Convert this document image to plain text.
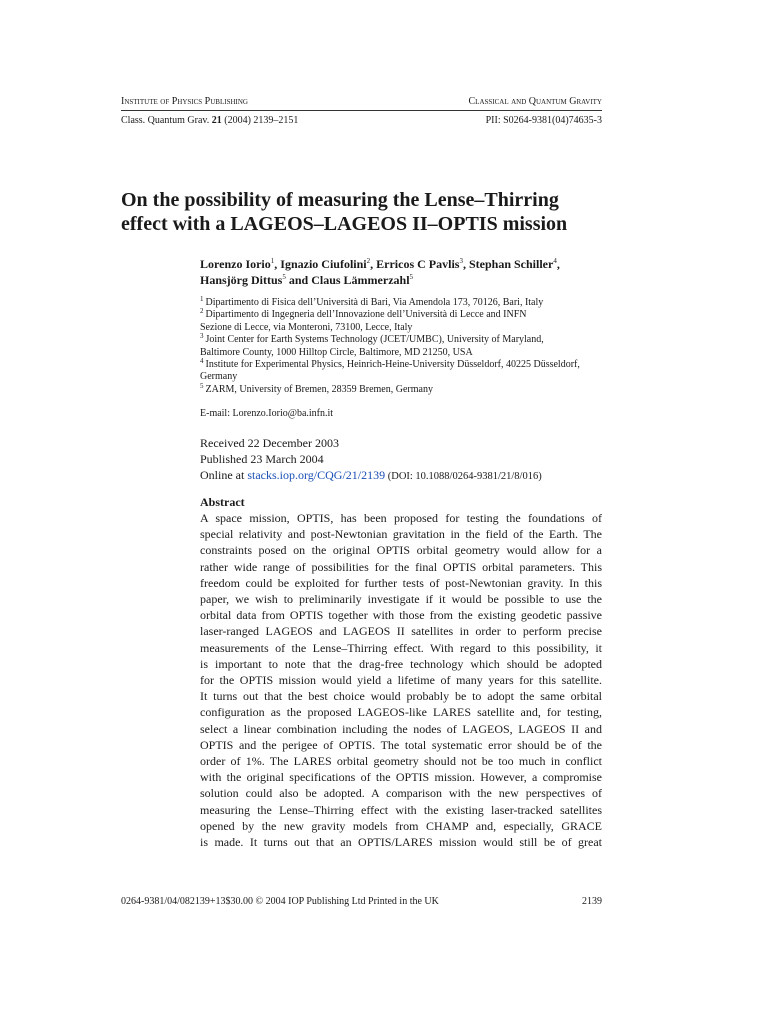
Institute of Physics Publishing	Classical and Quantum Gravity
Class. Quantum Grav. 21 (2004) 2139–2151	PII: S0264-9381(04)74635-3
On the possibility of measuring the Lense–Thirring
effect with a LAGEOS–LAGEOS II–OPTIS mission
Lorenzo Iorio$^1$, Ignazio Ciufolini$^2$, Erricos C Pavlis$^3$, Stephan Schiller$^4$,
Hansjörg Dittus$^5$ and Claus Lämmerzahl$^5$
$^1$ Dipartimento di Fisica dell’Università di Bari, Via Amendola 173, 70126, Bari, Italy
$^2$ Dipartimento di Ingegneria dell’Innovazione dell’Università di Lecce and INFN
Sezione di Lecce, via Monteroni, 73100, Lecce, Italy
$^3$ Joint Center for Earth Systems Technology (JCET/UMBC), University of Maryland,
Baltimore County, 1000 Hilltop Circle, Baltimore, MD 21250, USA
$^4$ Institute for Experimental Physics, Heinrich-Heine-University Düsseldorf, 40225 Düsseldorf,
Germany
$^5$ ZARM, University of Bremen, 28359 Bremen, Germany
E-mail: Lorenzo.Iorio@ba.infn.it
Received 22 December 2003
Published 23 March 2004
Online at stacks.iop.org/CQG/21/2139 (DOI: 10.1088/0264-9381/21/8/016)
Abstract
A space mission, OPTIS, has been proposed for testing the foundations of
special relativity and post-Newtonian gravitation in the field of the Earth. The
constraints posed on the original OPTIS orbital geometry would allow for a
rather wide range of possibilities for the final OPTIS orbital parameters. This
freedom could be exploited for further tests of post-Newtonian gravity. In this
paper, we wish to preliminarily investigate if it would be possible to use the
orbital data from OPTIS together with those from the existing geodetic passive
laser-ranged LAGEOS and LAGEOS II satellites in order to perform precise
measurements of the Lense–Thirring effect. With regard to this possibility, it
is important to note that the drag-free technology which should be adopted
for the OPTIS mission would yield a lifetime of many years for this satellite.
It turns out that the best choice would probably be to adopt the same orbital
configuration as the proposed LAGEOS-like LARES satellite and, for testing,
select a linear combination including the nodes of LAGEOS, LAGEOS II and
OPTIS and the perigee of OPTIS. The total systematic error should be of the
order of 1%. The LARES orbital geometry should not be too much in conflict
with the original specifications of the OPTIS mission. However, a compromise
solution could also be adopted. A comparison with the new perspectives of
measuring the Lense–Thirring effect with the existing laser-tracked satellites
opened by the new gravity models from CHAMP and, especially, GRACE
is made. It turns out that an OPTIS/LARES mission would still be of great
0264-9381/04/082139+13$30.00 © 2004 IOP Publishing Ltd Printed in the UK	2139
